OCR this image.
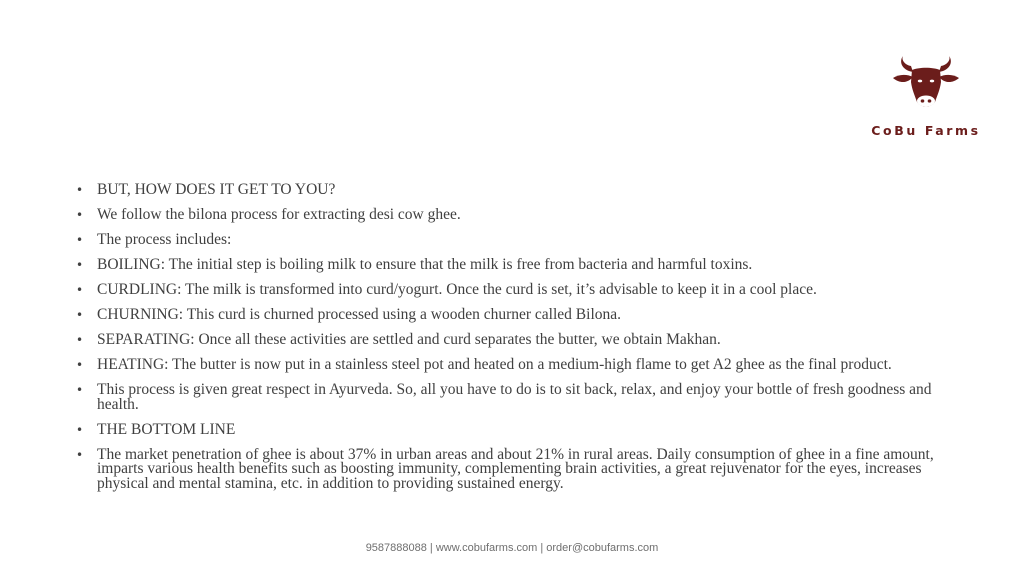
CoBu Farms
• BUT, HOW DOES IT GET TO YOU?
• We follow the bilona process for extracting desi cow ghee.
• The process includes:
• BOILING: The initial step is boiling milk to ensure that the milk is free from bacteria and harmful toxins.
• CURDLING: The milk is transformed into curd/yogurt. Once the curd is set, it’s advisable to keep it in a cool place.
• CHURNING: This curd is churned processed using a wooden churner called Bilona.
• SEPARATING: Once all these activities are settled and curd separates the butter, we obtain Makhan.
• HEATING: The butter is now put in a stainless steel pot and heated on a medium-high flame to get A2 ghee as the final product.
• This process is given great respect in Ayurveda. So, all you have to do is to sit back, relax, and enjoy your bottle of fresh goodness and health.
• THE BOTTOM LINE
• The market penetration of ghee is about 37% in urban areas and about 21% in rural areas. Daily consumption of ghee in a fine amount, imparts various health benefits such as boosting immunity, complementing brain activities, a great rejuvenator for the eyes, increases physical and mental stamina, etc. in addition to providing sustained energy.
9587888088 | www.cobufarms.com | order@cobufarms.com
